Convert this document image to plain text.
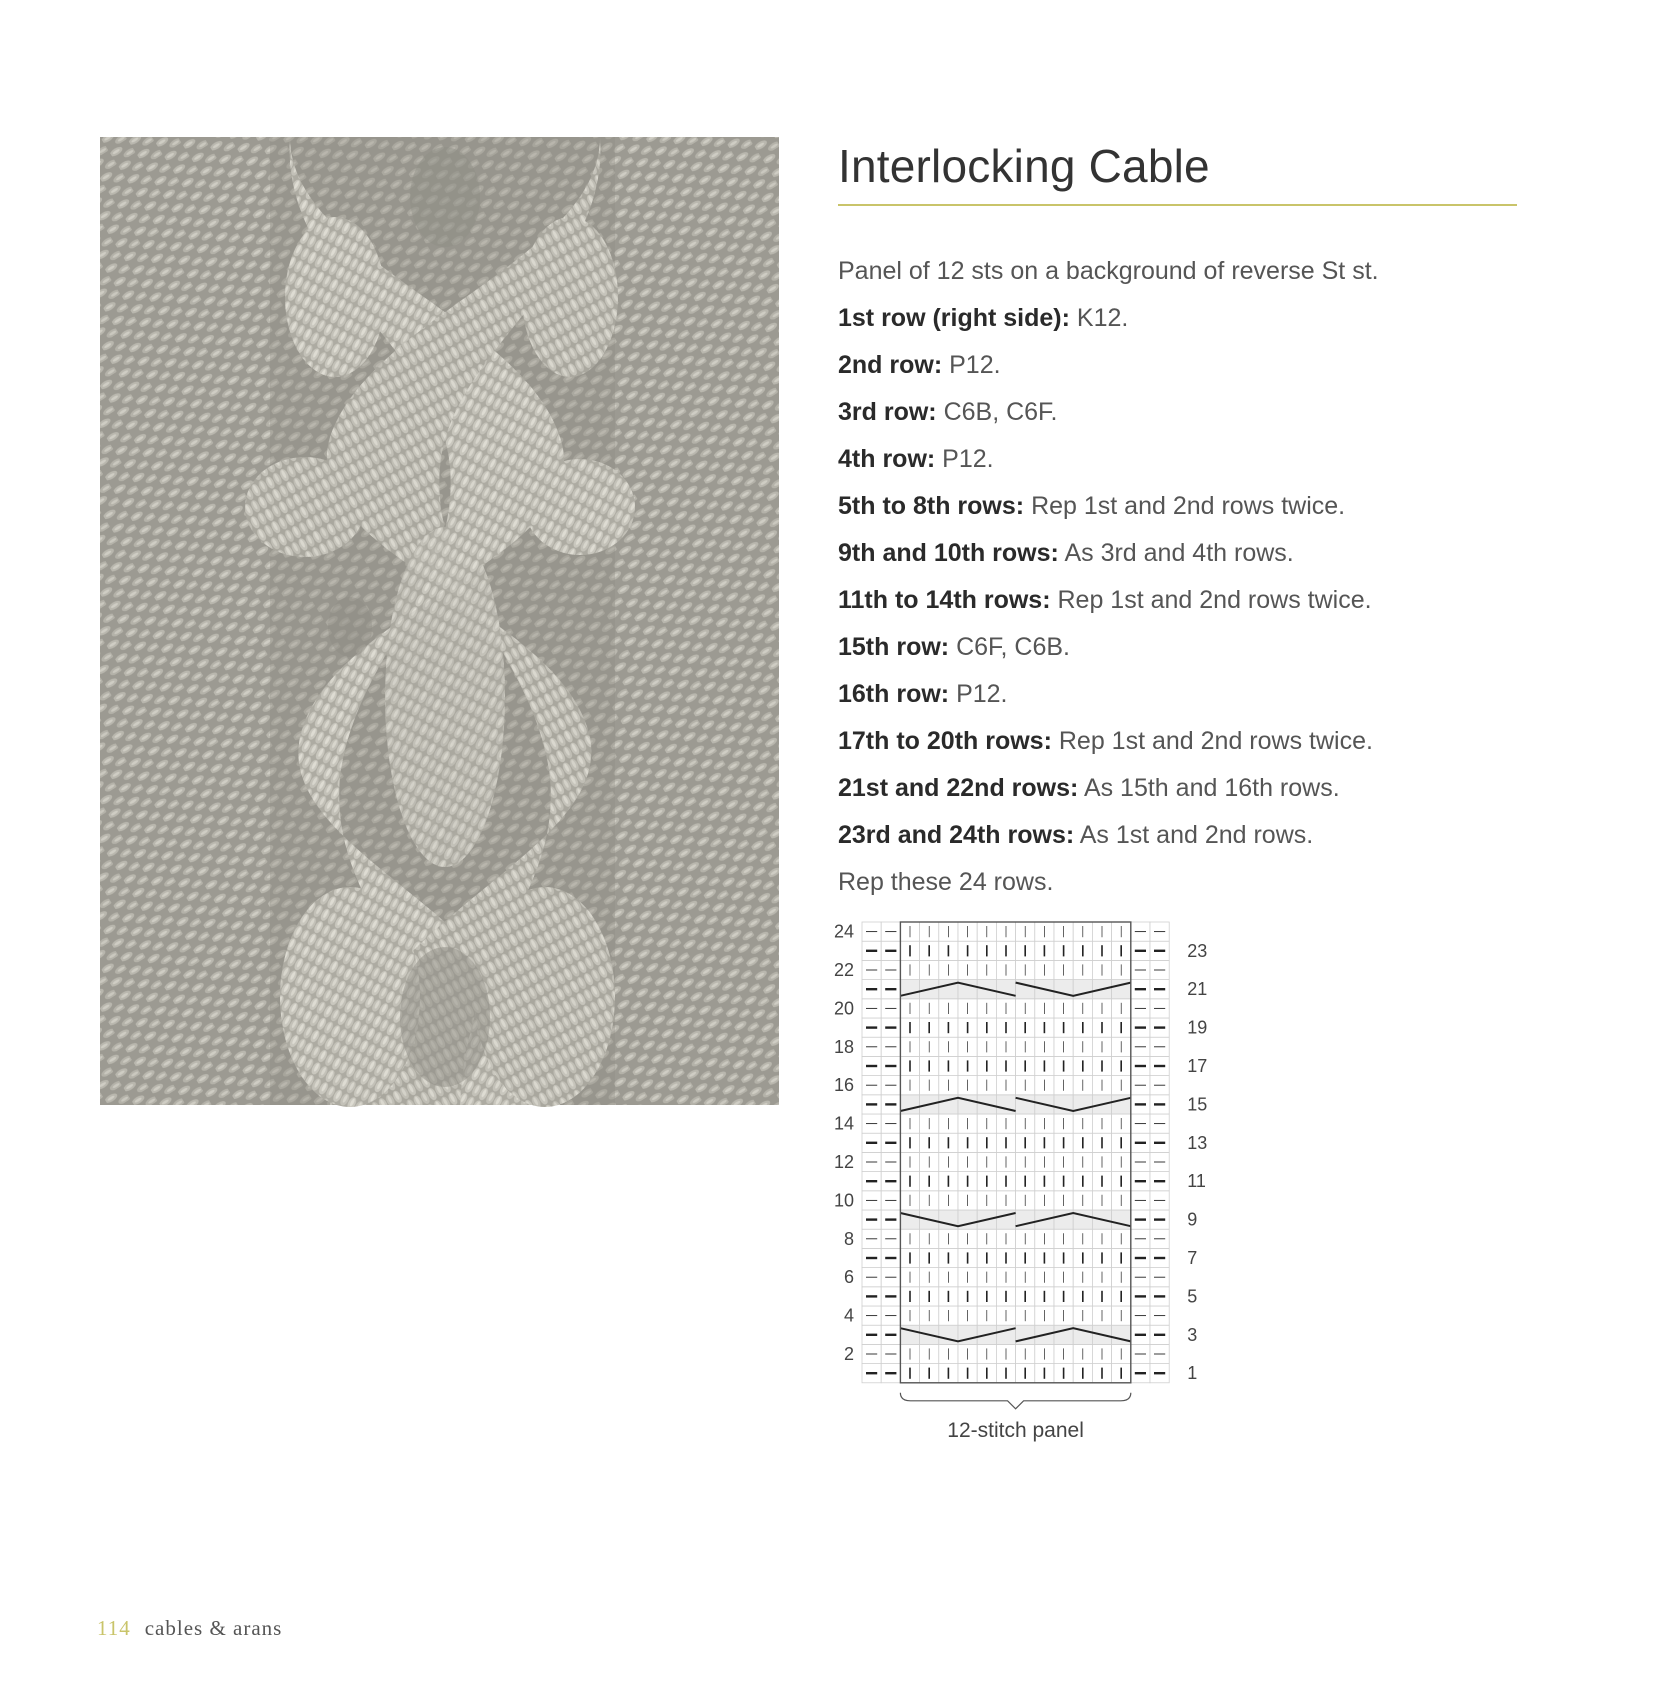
Interlocking Cable
Panel of 12 sts on a background of reverse St st.
1st row (right side): K12.
2nd row: P12.
3rd row: C6B, C6F.
4th row: P12.
5th to 8th rows: Rep 1st and 2nd rows twice.
9th and 10th rows: As 3rd and 4th rows.
11th to 14th rows: Rep 1st and 2nd rows twice.
15th row: C6F, C6B.
16th row: P12.
17th to 20th rows: Rep 1st and 2nd rows twice.
21st and 22nd rows: As 15th and 16th rows.
23rd and 24th rows: As 1st and 2nd rows.
Rep these 24 rows.
24
22
20
18
16
14
12
10
8
6
4
2
23
21
19
17
15
13
11
9
7
5
3
1
12-stitch panel
114 cables & arans
